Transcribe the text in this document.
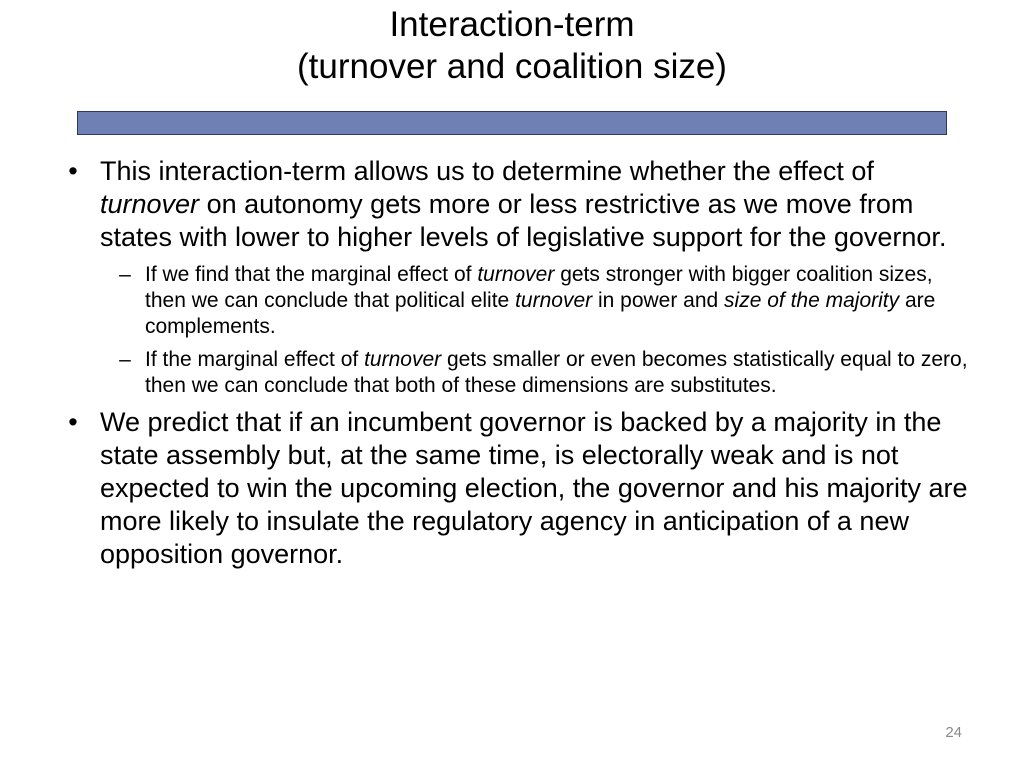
Interaction-term
(turnover and coalition size)
• This interaction-term allows us to determine whether the effect of turnover on autonomy gets more or less restrictive as we move from states with lower to higher levels of legislative support for the governor.
– If we find that the marginal effect of turnover gets stronger with bigger coalition sizes, then we can conclude that political elite turnover in power and size of the majority are complements.
– If the marginal effect of turnover gets smaller or even becomes statistically equal to zero, then we can conclude that both of these dimensions are substitutes.
• We predict that if an incumbent governor is backed by a majority in the state assembly but, at the same time, is electorally weak and is not expected to win the upcoming election, the governor and his majority are more likely to insulate the regulatory agency in anticipation of a new opposition governor.
24
